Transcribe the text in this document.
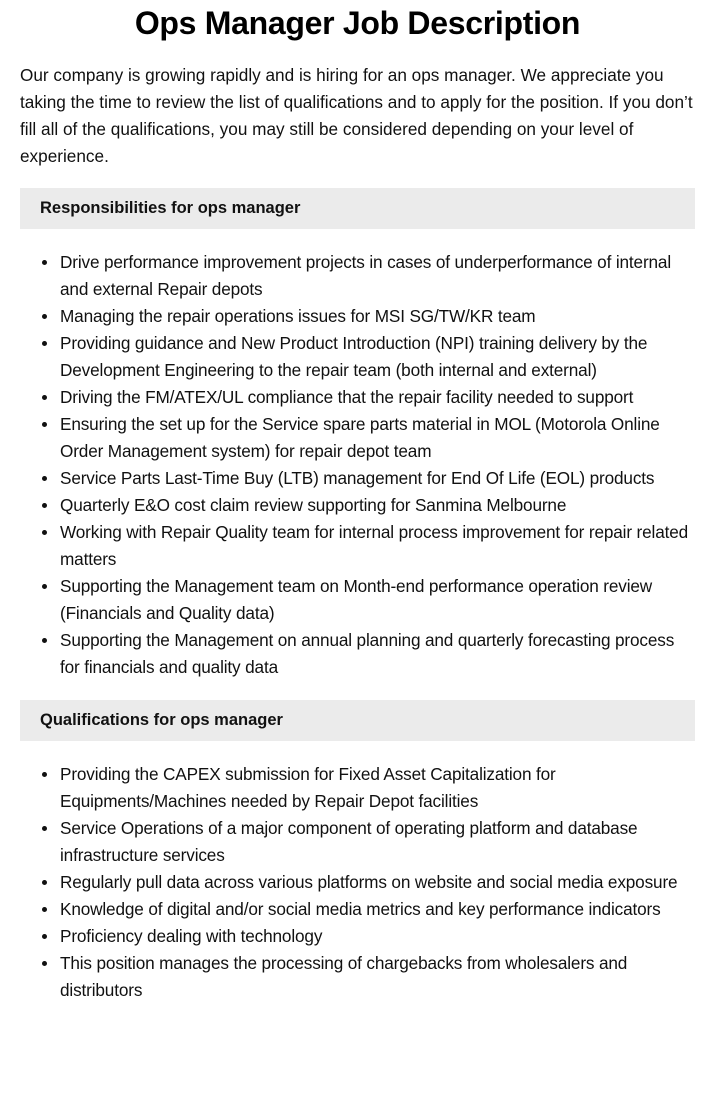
Ops Manager Job Description

Our company is growing rapidly and is hiring for an ops manager. We appreciate you taking the time to review the list of qualifications and to apply for the position. If you don’t fill all of the qualifications, you may still be considered depending on your level of experience.

Responsibilities for ops manager
Drive performance improvement projects in cases of underperformance of internal and external Repair depots
Managing the repair operations issues for MSI SG/TW/KR team
Providing guidance and New Product Introduction (NPI) training delivery by the Development Engineering to the repair team (both internal and external)
Driving the FM/ATEX/UL compliance that the repair facility needed to support
Ensuring the set up for the Service spare parts material in MOL (Motorola Online Order Management system) for repair depot team
Service Parts Last-Time Buy (LTB) management for End Of Life (EOL) products
Quarterly E&O cost claim review supporting for Sanmina Melbourne
Working with Repair Quality team for internal process improvement for repair related matters
Supporting the Management team on Month-end performance operation review (Financials and Quality data)
Supporting the Management on annual planning and quarterly forecasting process for financials and quality data
Qualifications for ops manager
Providing the CAPEX submission for Fixed Asset Capitalization for Equipments/Machines needed by Repair Depot facilities
Service Operations of a major component of operating platform and database infrastructure services
Regularly pull data across various platforms on website and social media exposure
Knowledge of digital and/or social media metrics and key performance indicators
Proficiency dealing with technology
This position manages the processing of chargebacks from wholesalers and distributors
